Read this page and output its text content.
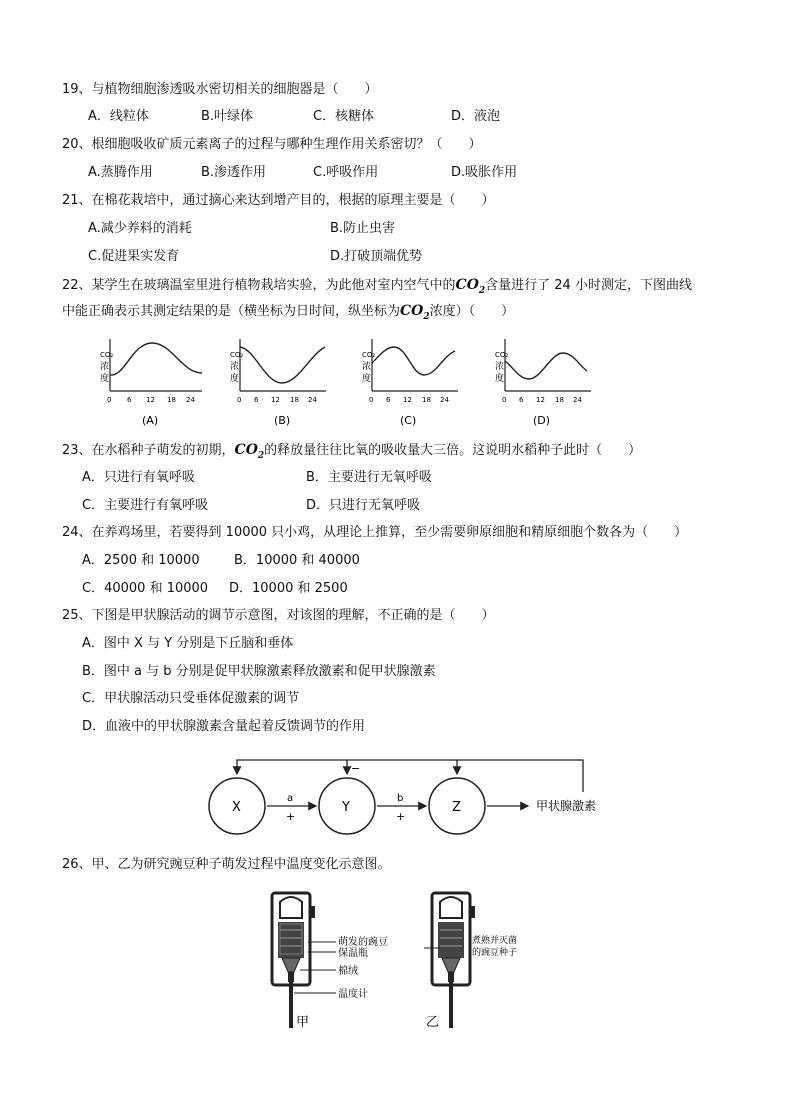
19、与植物细胞渗透吸水密切相关的细胞器是（　　）
A．线粒体	B.叶绿体	C．核糖体	D．液泡
20、根细胞吸收矿质元素离子的过程与哪种生理作用关系密切？（　　）
A.蒸腾作用	B.渗透作用	C.呼吸作用	D.吸胀作用
21、在棉花栽培中，通过摘心来达到增产目的，根据的原理主要是（　　）
A.减少养料的消耗	B.防止虫害
C.促进果实发育	D.打破顶端优势
22、某学生在玻璃温室里进行植物栽培实验，为此他对室内空气中的$CO_2$含量进行了 24 小时测定，下图曲线
中能正确表示其测定结果的是（横坐标为日时间，纵坐标为$CO_2$浓度）（　　）
CO₂
浓
度
0 6 12 18 24
(A)
CO₂
浓
度
0 6 12 18 24
(B)
CO₂
浓
度
0 6 12 18 24
(C)
CO₂
浓
度
0 6 12 18 24
(D)
23、在水稻种子萌发的初期，$CO_2$的释放量往往比氧的吸收量大三倍。这说明水稻种子此时（　　）
A．只进行有氧呼吸	B．主要进行无氧呼吸
C．主要进行有氧呼吸	D．只进行无氧呼吸
24、在养鸡场里，若要得到 10000 只小鸡，从理论上推算，至少需要卵原细胞和精原细胞个数各为（　　）
A．2500 和 10000	B．10000 和 40000
C．40000 和 10000 D．10000 和 2500
25、下图是甲状腺活动的调节示意图，对该图的理解，不正确的是（　　）
A．图中 X 与 Y 分别是下丘脑和垂体
B．图中 a 与 b 分别是促甲状腺激素释放激素和促甲状腺激素
C．甲状腺活动只受垂体促激素的调节
D．血液中的甲状腺激素含量起着反馈调节的作用
−
X	Y	Z
a
+
b
+
甲状腺激素
26、甲、乙为研究豌豆种子萌发过程中温度变化示意图。
萌发的豌豆
保温瓶
棉绒
温度计
甲
煮熟并灭菌
的豌豆种子
乙
